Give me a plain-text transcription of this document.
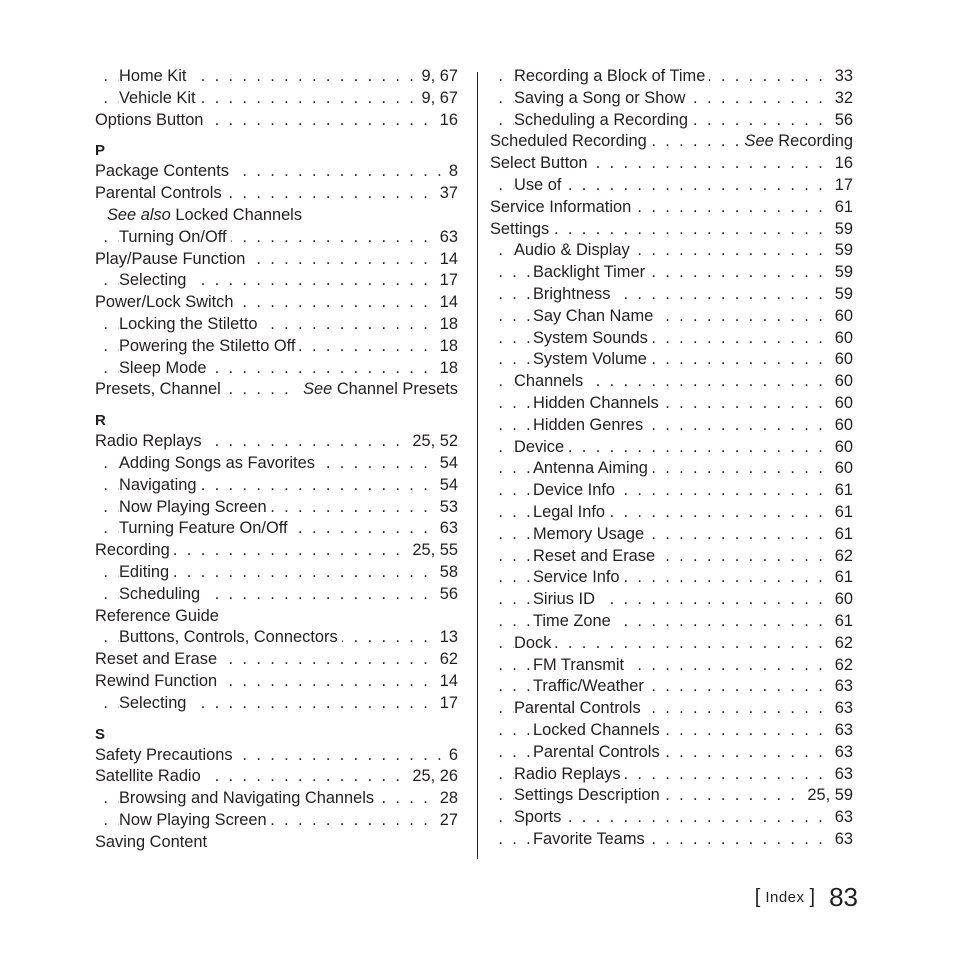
. . . Home Kit	9, 67
. . . Vehicle Kit	9, 67
. . . Options Button	16
P
. . . Package Contents	8
. . . Parental Controls	37
See also Locked Channels
. . . Turning On/Off	63
. . . Play/Pause Function	14
. . . Selecting	17
. . . Power/Lock Switch	14
. . . Locking the Stiletto	18
. . . Powering the Stiletto Off	18
. . . Sleep Mode	18
. . . Presets, Channel	See Channel Presets
R
. . . Radio Replays	25, 52
. . . Adding Songs as Favorites	54
. . . Navigating	54
. . . Now Playing Screen	53
. . . Turning Feature On/Off	63
. . . Recording	25, 55
. . . Editing	58
. . . Scheduling	56
Reference Guide
. . . Buttons, Controls, Connectors	13
. . . Reset and Erase	62
. . . Rewind Function	14
. . . Selecting	17
S
. . . Safety Precautions	6
. . . Satellite Radio	25, 26
. . . Browsing and Navigating Channels	28
. . . Now Playing Screen	27
Saving Content
. . . Recording a Block of Time	33
. . . Saving a Song or Show	32
. . . Scheduling a Recording	56
. . . Scheduled Recording	See Recording
. . . Select Button	16
. . . Use of	17
. . . Service Information	61
. . . Settings	59
. . . Audio & Display	59
. . . Backlight Timer	59
. . . Brightness	59
. . . Say Chan Name	60
. . . System Sounds	60
. . . System Volume	60
. . . Channels	60
. . . Hidden Channels	60
. . . Hidden Genres	60
. . . Device	60
. . . Antenna Aiming	60
. . . Device Info	61
. . . Legal Info	61
. . . Memory Usage	61
. . . Reset and Erase	62
. . . Service Info	61
. . . Sirius ID	60
. . . Time Zone	61
. . . Dock	62
. . . FM Transmit	62
. . . Traffic/Weather	63
. . . Parental Controls	63
. . . Locked Channels	63
. . . Parental Controls	63
. . . Radio Replays	63
. . . Settings Description	25, 59
. . . Sports	63
. . . Favorite Teams	63
[ Index ] 83
